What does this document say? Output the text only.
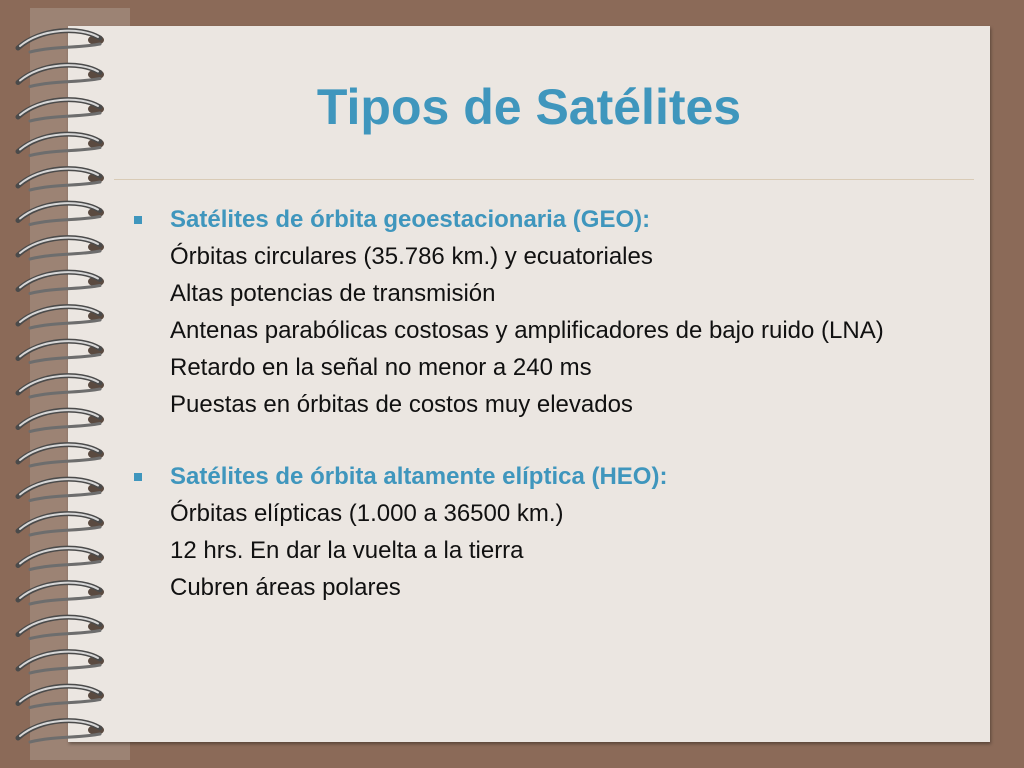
Tipos de Satélites
Satélites de órbita geoestacionaria (GEO):
Órbitas circulares (35.786 km.) y ecuatoriales
Altas potencias de transmisión
Antenas parabólicas costosas y amplificadores de bajo ruido (LNA)
Retardo en la señal no menor a 240 ms
Puestas en órbitas de costos muy elevados
Satélites de órbita altamente elíptica (HEO):
Órbitas elípticas (1.000 a 36500 km.)
12 hrs. En dar la vuelta a la tierra
Cubren áreas polares
